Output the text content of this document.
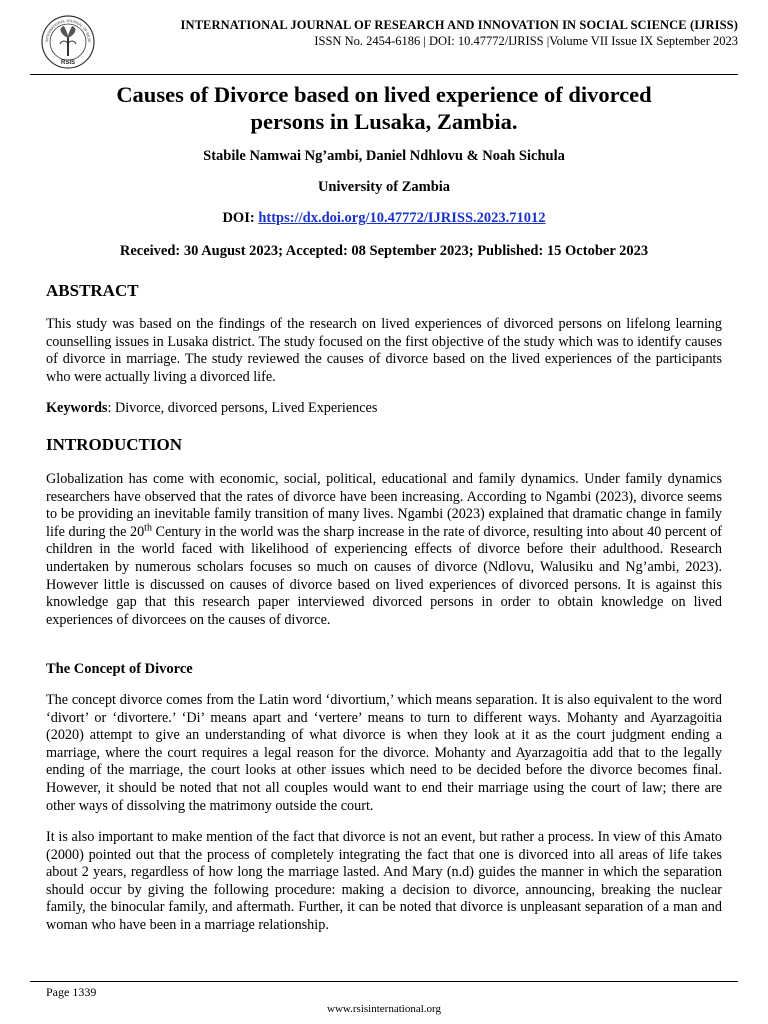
RSIS
INTERNATIONAL JOURNAL OF RESE
INTERNATIONAL JOURNAL OF RESEARCH AND INNOVATION IN SOCIAL SCIENCE (IJRISS)
ISSN No. 2454-6186 | DOI: 10.47772/IJRISS |Volume VII Issue IX September 2023
Causes of Divorce based on lived experience of divorced
persons in Lusaka, Zambia.
Stabile Namwai Ng’ambi, Daniel Ndhlovu & Noah Sichula
University of Zambia
DOI: https://dx.doi.org/10.47772/IJRISS.2023.71012
Received: 30 August 2023; Accepted: 08 September 2023; Published: 15 October 2023
ABSTRACT
This study was based on the findings of the research on lived experiences of divorced persons on lifelong learning counselling issues in Lusaka district. The study focused on the first objective of the study which was to identify causes of divorce in marriage. The study reviewed the causes of divorce based on the lived experiences of the participants who were actually living a divorced life.
Keywords: Divorce, divorced persons, Lived Experiences
INTRODUCTION
Globalization has come with economic, social, political, educational and family dynamics. Under family dynamics researchers have observed that the rates of divorce have been increasing. According to Ngambi (2023), divorce seems to be providing an inevitable family transition of many lives. Ngambi (2023) explained that dramatic change in family life during the 20th Century in the world was the sharp increase in the rate of divorce, resulting into about 40 percent of children in the world faced with likelihood of experiencing effects of divorce before their adulthood. Research undertaken by numerous scholars focuses so much on causes of divorce (Ndlovu, Walusiku and Ng’ambi, 2023). However little is discussed on causes of divorce based on lived experiences of divorced persons. It is against this knowledge gap that this research paper interviewed divorced persons in order to obtain knowledge on lived experiences of divorcees on the causes of divorce.
The Concept of Divorce
The concept divorce comes from the Latin word ‘divortium,’ which means separation. It is also equivalent to the word ‘divort’ or ‘divortere.’ ‘Di’ means apart and ‘vertere’ means to turn to different ways. Mohanty and Ayarzagoitia (2020) attempt to give an understanding of what divorce is when they look at it as the court judgment ending a marriage, where the court requires a legal reason for the divorce. Mohanty and Ayarzagoitia add that to the legally ending of the marriage, the court looks at other issues which need to be decided before the divorce becomes final. However, it should be noted that not all couples would want to end their marriage using the court of law; there are other ways of dissolving the matrimony outside the court.
It is also important to make mention of the fact that divorce is not an event, but rather a process. In view of this Amato (2000) pointed out that the process of completely integrating the fact that one is divorced into all areas of life takes about 2 years, regardless of how long the marriage lasted. And Mary (n.d) guides the manner in which the separation should occur by giving the following procedure: making a decision to divorce, announcing, breaking the nuclear family, the binocular family, and aftermath. Further, it can be noted that divorce is unpleasant separation of a man and woman who have been in a marriage relationship.
Page 1339
www.rsisinternational.org
